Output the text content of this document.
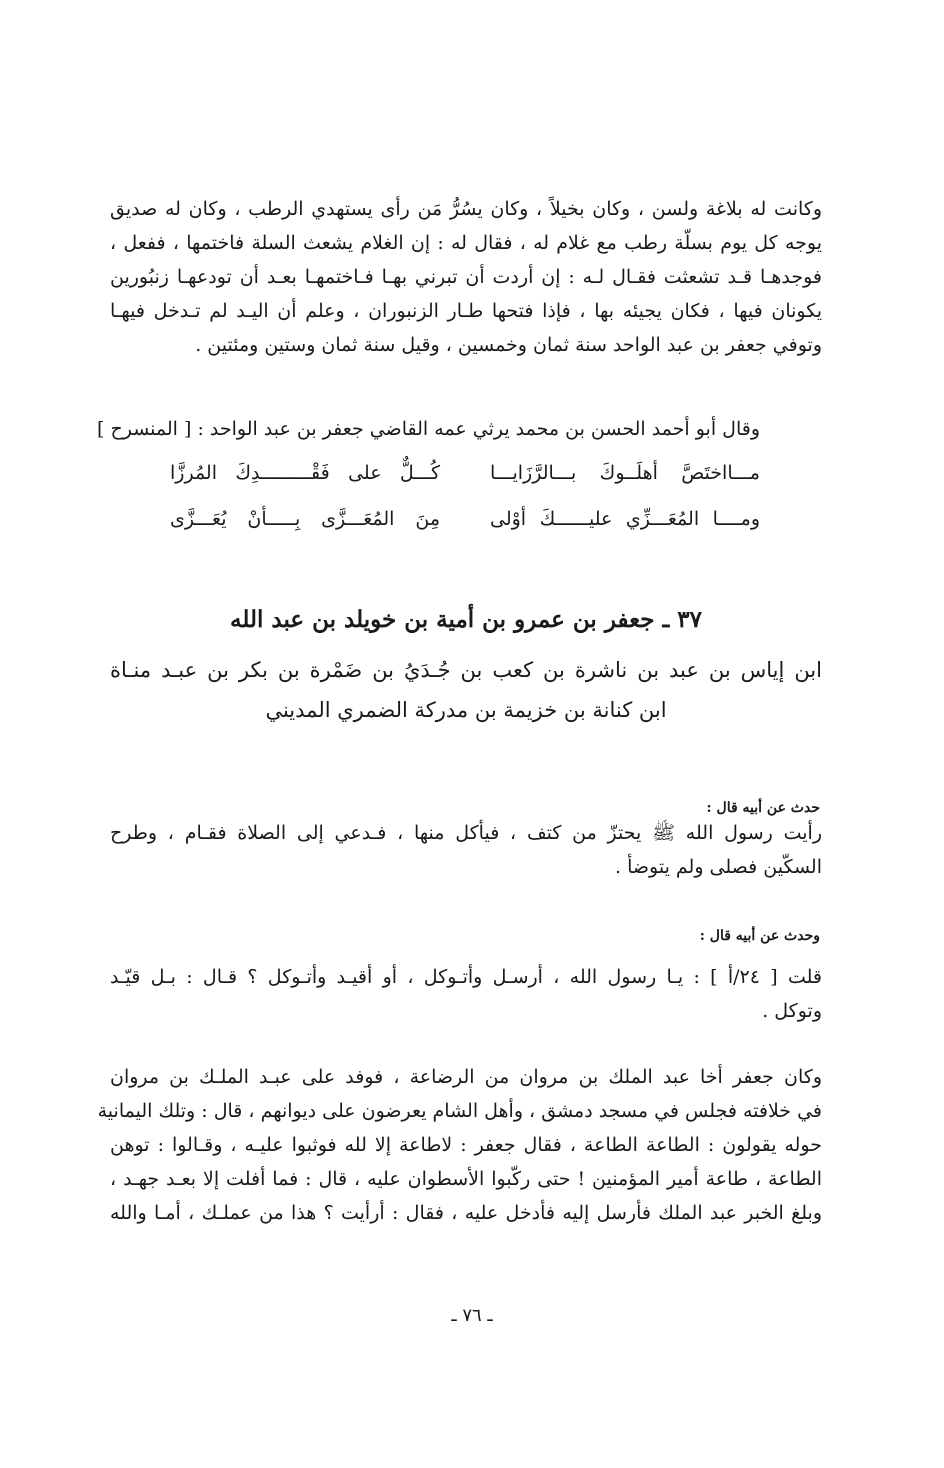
وكانت له بلاغة ولسن ، وكان بخيلاً ، وكان يسُرُّ مَن رأى يستهدي الرطب ، وكان له صديق
يوجه كل يوم بسلّة رطب مع غلام له ، فقال له : إن الغلام يشعث السلة فاختمها ، ففعل ،
فوجدهـا قـد تشعثت فقـال لـه : إن أردت أن تبرني بهـا فـاختمهـا بعـد أن تودعهـا زنبُورين
يكونان فيها ، فكان يجيئه بها ، فإذا فتحها طـار الزنبوران ، وعلم أن اليـد لم تـدخل فيهـا
وتوفي جعفر بن عبد الواحد سنة ثمان وخمسين ، وقيل سنة ثمان وستين ومئتين .
وقال أبو أحمد الحسن بن محمد يرثي عمه القاضي جعفر بن عبد الواحد : [ المنسرح ]
مـــااختَصَّ أهلَــوكَ بـــالرَّزَايـــا
كُـــلٌّ على فَقْـــــــــدِكَ المُرزَّا
ومــــا المُعَـــزِّي عليــــــكَ أوْلى
مِنَ المُعَـــزَّى بِـــــأنْ يُعَـــزَّى
٣٧ ـ جعفر بن عمرو بن أمية بن خويلد بن عبد الله
ابن إياس بن عبد بن ناشرة بن كعب بن جُـدَيُ بن ضَمْرة بن بكر بن عبـد منـاة
ابن كنانة بن خزيمة بن مدركة الضمري المديني
حدث عن أبيه قال :
رأيت رسول الله ﷺ يحتزّ من كتف ، فيأكل منها ، فـدعي إلى الصلاة فقـام ، وطرح
السكّين فصلى ولم يتوضأ .
وحدث عن أبيه قال :
قلت [ ٢٤/أ ] : يـا رسول الله ، أرسـل وأتـوكل ، أو أقيـد وأتـوكل ؟ قـال : بـل قيّـد
وتوكل .
وكان جعفر أخا عبد الملك بن مروان من الرضاعة ، فوفد على عبـد الملـك بن مروان
في خلافته فجلس في مسجد دمشق ، وأهل الشام يعرضون على ديوانهم ، قال : وتلك اليمانية
حوله يقولون : الطاعة الطاعة ، فقال جعفر : لاطاعة إلا لله فوثبوا عليـه ، وقـالوا : توهن
الطاعة ، طاعة أمير المؤمنين ! حتى ركّبوا الأسطوان عليه ، قال : فما أفلت إلا بعـد جهـد ،
وبلغ الخبر عبد الملك فأرسل إليه فأدخل عليه ، فقال : أرأيت ؟ هذا من عملـك ، أمـا والله
ـ ٧٦ ـ
